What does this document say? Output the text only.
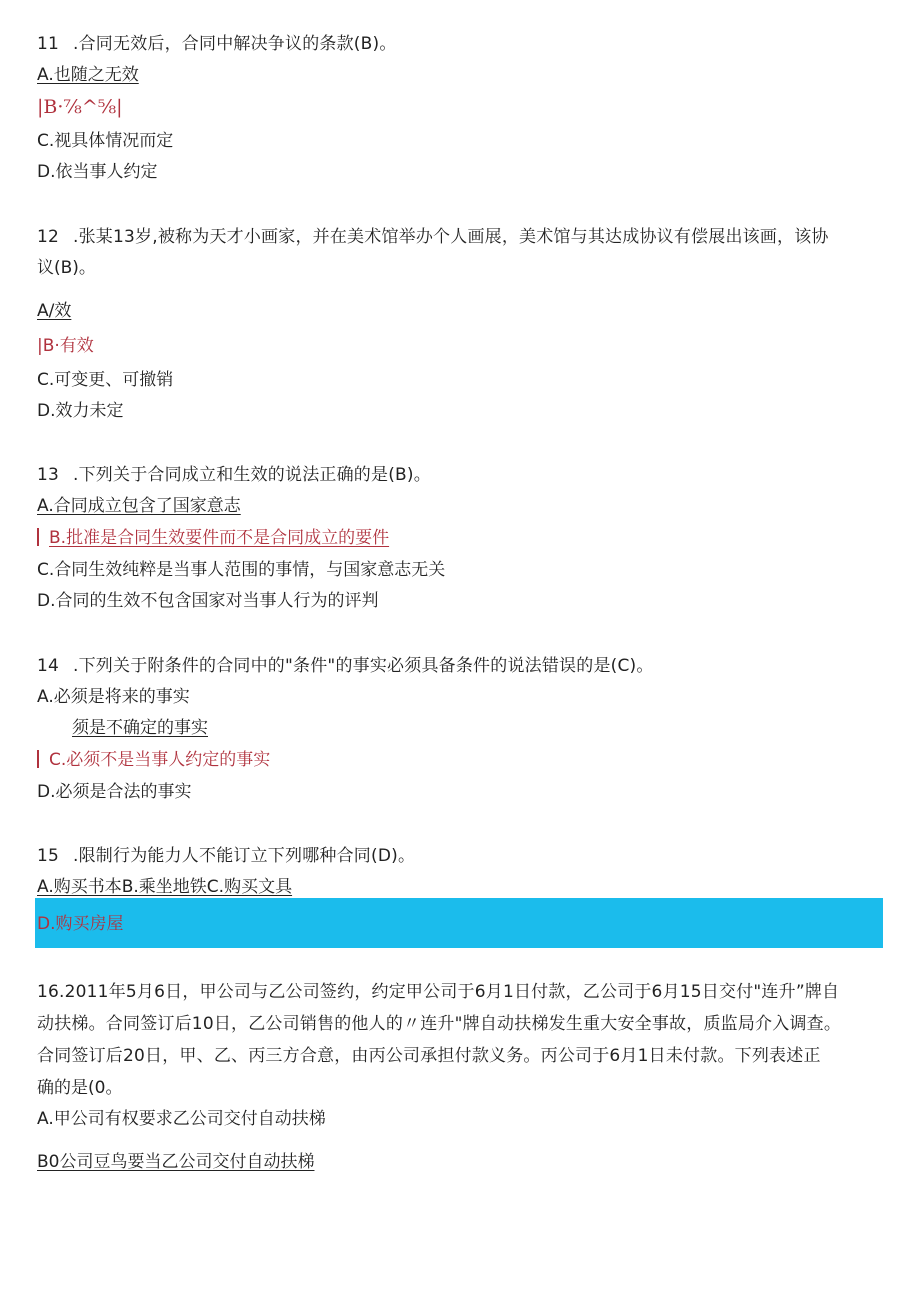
11 .合同无效后，合同中解决争议的条款(B)。
A.也随之无效
|B·⅞^⅝|
C.视具体情况而定
D.依当事人约定
12 .张某13岁,被称为天才小画家，并在美术馆举办个人画展，美术馆与其达成协议有偿展出该画，该协
议(B)。
A/效
|B·有效
C.可变更、可撤销
D.效力未定
13 .下列关于合同成立和生效的说法正确的是(B)。
A.合同成立包含了国家意志
B.批准是合同生效要件而不是合同成立的要件
C.合同生效纯粹是当事人范围的事情，与国家意志无关
D.合同的生效不包含国家对当事人行为的评判
14 .下列关于附条件的合同中的"条件"的事实必须具备条件的说法错误的是(C)。
A.必须是将来的事实
须是不确定的事实
C.必须不是当事人约定的事实
D.必须是合法的事实
15 .限制行为能力人不能订立下列哪种合同(D)。
A.购买书本B.乘坐地铁C.购买文具
D.购买房屋
16.2011年5月6日，甲公司与乙公司签约，约定甲公司于6月1日付款，乙公司于6月15日交付"连升”牌自
动扶梯。合同签订后10日，乙公司销售的他人的〃连升"牌自动扶梯发生重大安全事故，质监局介入调查。
合同签订后20日，甲、乙、丙三方合意，由丙公司承担付款义务。丙公司于6月1日未付款。下列表述正
确的是(0。
A.甲公司有权要求乙公司交付自动扶梯
B0公司豆鸟要当乙公司交付自动扶梯
